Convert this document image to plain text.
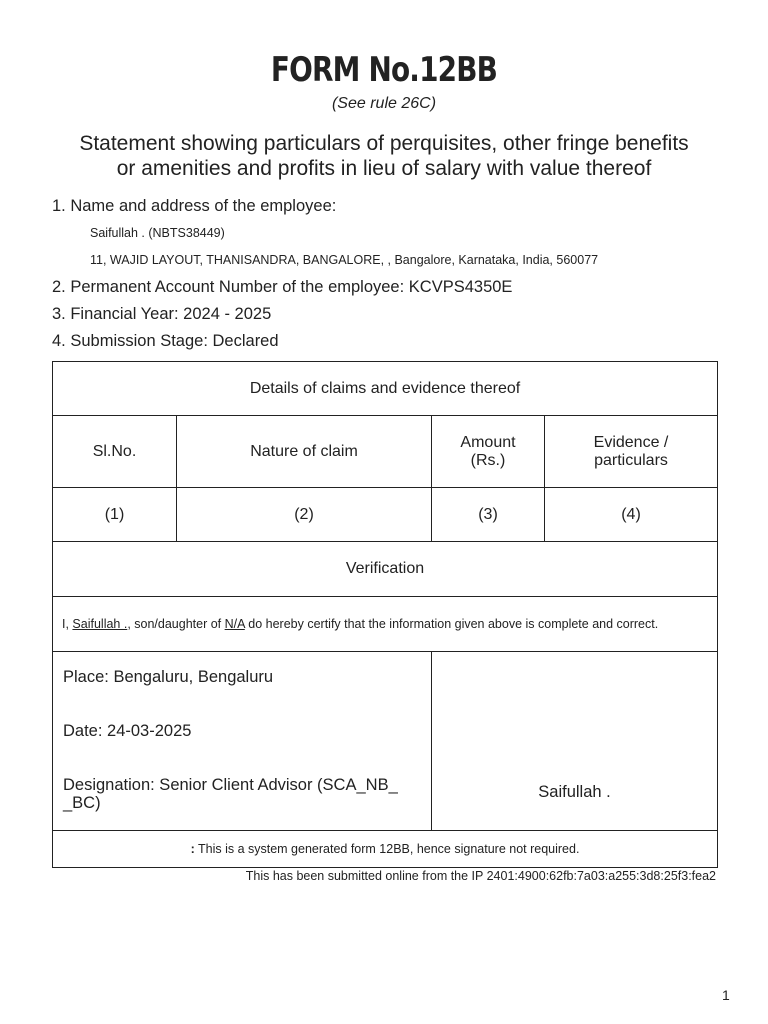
FORM No.12BB
(See rule 26C)
Statement showing particulars of perquisites, other fringe benefits
or amenities and profits in lieu of salary with value thereof
1. Name and address of the employee:
Saifullah . (NBTS38449)
11, WAJID LAYOUT, THANISANDRA, BANGALORE, , Bangalore, Karnataka, India, 560077
2. Permanent Account Number of the employee: KCVPS4350E
3. Financial Year: 2024 - 2025
4. Submission Stage: Declared
Details of claims and evidence thereof			
Sl.No.	Nature of claim	Amount (Rs.)	Evidence / particulars
(1)	(2)	(3)	(4)
Verification			
I, Saifullah ., son/daughter of N/A do hereby certify that the information given above is complete and correct.			

Place: Bengaluru, Bengaluru
Date: 24-03-2025
Designation: Senior Client Advisor (SCA_NB_ _BC)		Saifullah .	
: This is a system generated form 12BB, hence signature not required.			
This has been submitted online from the IP 2401:4900:62fb:7a03:a255:3d8:25f3:fea2
1
